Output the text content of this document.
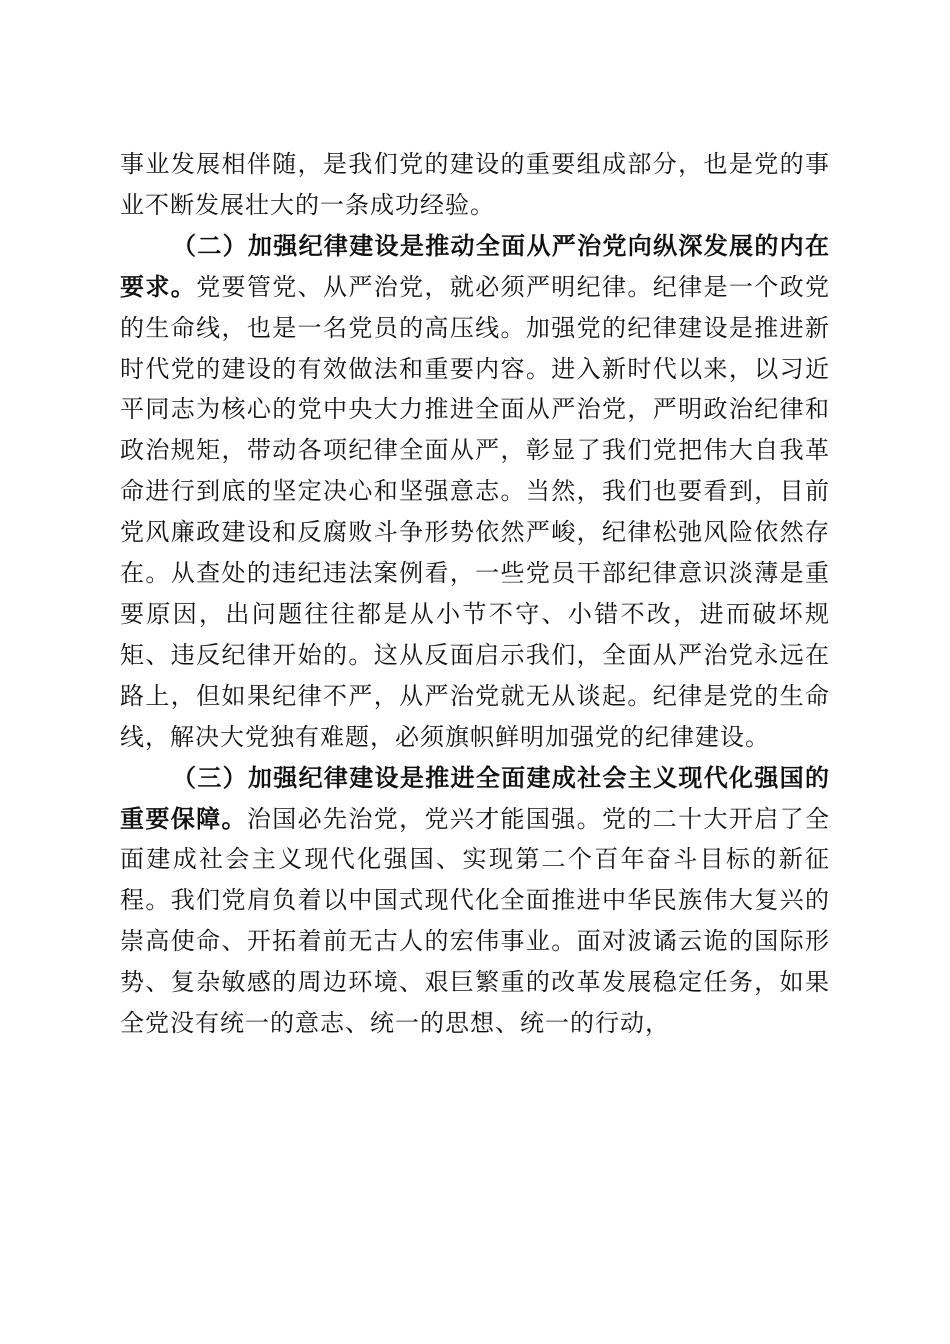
事业发展相伴随，是我们党的建设的重要组成部分，也是党的事业不断发展壮大的一条成功经验。

（二）加强纪律建设是推动全面从严治党向纵深发展的内在要求。党要管党、从严治党，就必须严明纪律。纪律是一个政党的生命线，也是一名党员的高压线。加强党的纪律建设是推进新时代党的建设的有效做法和重要内容。进入新时代以来，以习近平同志为核心的党中央大力推进全面从严治党，严明政治纪律和政治规矩，带动各项纪律全面从严，彰显了我们党把伟大自我革命进行到底的坚定决心和坚强意志。当然，我们也要看到，目前党风廉政建设和反腐败斗争形势依然严峻，纪律松弛风险依然存在。从查处的违纪违法案例看，一些党员干部纪律意识淡薄是重要原因，出问题往往都是从小节不守、小错不改，进而破坏规矩、违反纪律开始的。这从反面启示我们，全面从严治党永远在路上，但如果纪律不严，从严治党就无从谈起。纪律是党的生命线，解决大党独有难题，必须旗帜鲜明加强党的纪律建设。

（三）加强纪律建设是推进全面建成社会主义现代化强国的重要保障。治国必先治党，党兴才能国强。党的二十大开启了全面建成社会主义现代化强国、实现第二个百年奋斗目标的新征程。我们党肩负着以中国式现代化全面推进中华民族伟大复兴的崇高使命、开拓着前无古人的宏伟事业。面对波谲云诡的国际形势、复杂敏感的周边环境、艰巨繁重的改革发展稳定任务，如果全党没有统一的意志、统一的思想、统一的行动，
